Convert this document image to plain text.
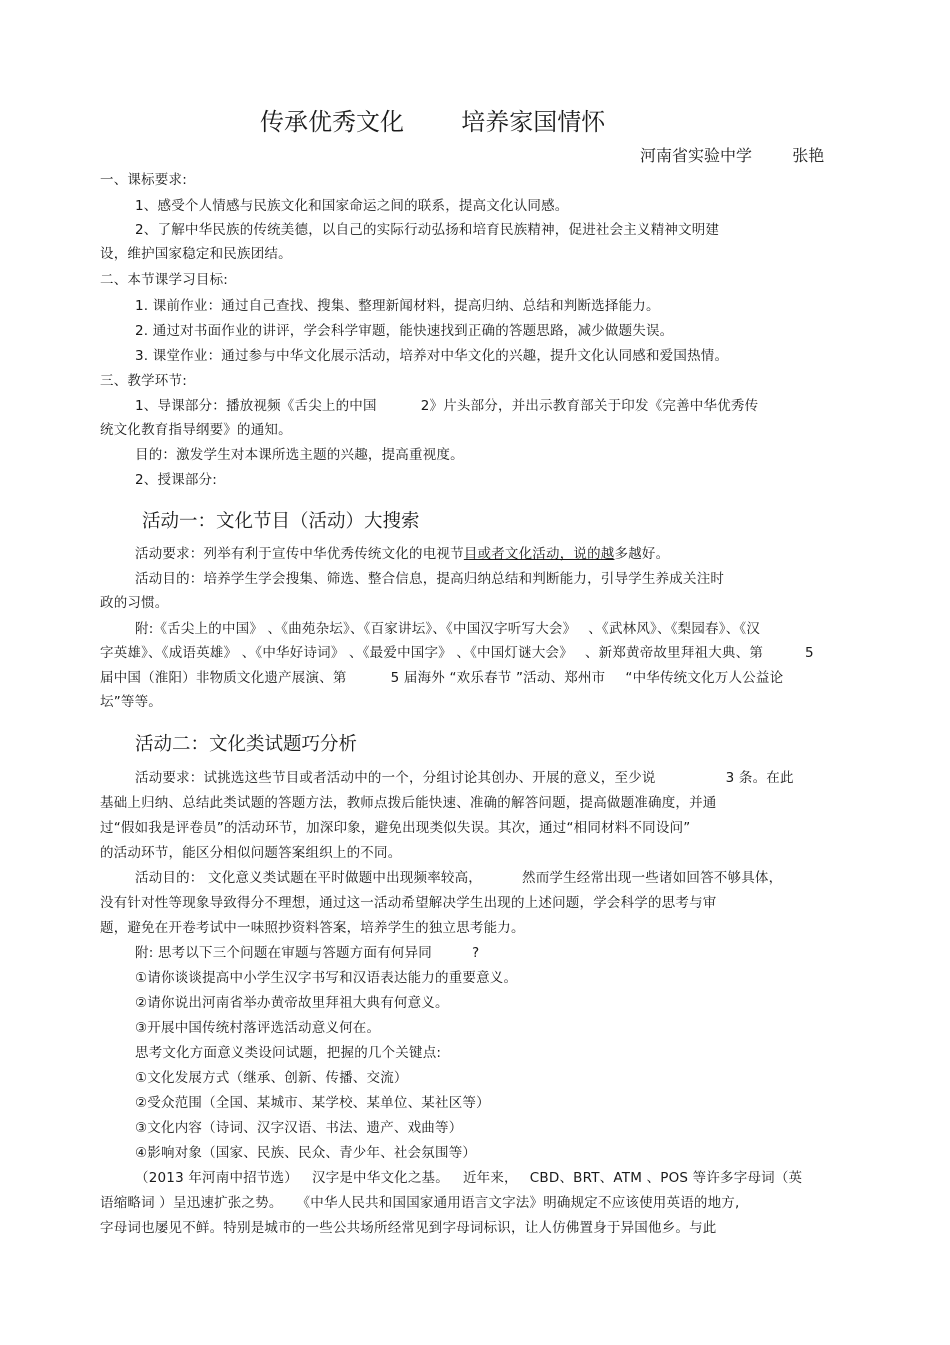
传承优秀文化 培养家国情怀
河南省实验中学	张艳
一、课标要求:
1、感受个人情感与民族文化和国家命运之间的联系，提高文化认同感。
2、了解中华民族的传统美德，以自己的实际行动弘扬和培育民族精神，促进社会主义精神文明建
设，维护国家稳定和民族团结。
二、本节课学习目标:
1. 课前作业：通过自己查找、搜集、整理新闻材料，提高归纳、总结和判断选择能力。
2. 通过对书面作业的讲评，学会科学审题，能快速找到正确的答题思路，减少做题失误。
3. 课堂作业：通过参与中华文化展示活动，培养对中华文化的兴趣，提升文化认同感和爱国热情。
三、教学环节:
1、导课部分：播放视频《舌尖上的中国	2》片头部分，并出示教育部关于印发《完善中华优秀传
统文化教育指导纲要》的通知。
目的：激发学生对本课所选主题的兴趣，提高重视度。
2、授课部分:
活动一：文化节目（活动）大搜索
活动要求：列举有利于宣传中华优秀传统文化的电视节目或者文化活动，说的越多越好。
活动目的：培养学生学会搜集、筛选、整合信息，提高归纳总结和判断能力，引导学生养成关注时
政的习惯。
附:《舌尖上的中国》 、《曲苑杂坛》、《百家讲坛》、《中国汉字听写大会》 、《武林风》、《梨园春》、《汉
字英雄》、《成语英雄》 、《中华好诗词》 、《最爱中国字》 、《中国灯谜大会》 、新郑黄帝故里拜祖大典、第	5
届中国（淮阳）非物质文化遗产展演、第	5 届海外 “欢乐春节 ”活动、郑州市 “中华传统文化万人公益论
坛”等等。
活动二：文化类试题巧分析
活动要求：试挑选这些节目或者活动中的一个，分组讨论其创办、开展的意义，至少说	3 条。在此
基础上归纳、总结此类试题的答题方法，教师点拨后能快速、准确的解答问题，提高做题准确度，并通
过“假如我是评卷员”的活动环节，加深印象，避免出现类似失误。其次，通过“相同材料不同设问”
的活动环节，能区分相似问题答案组织上的不同。
活动目的： 文化意义类试题在平时做题中出现频率较高，	然而学生经常出现一些诸如回答不够具体，
没有针对性等现象导致得分不理想，通过这一活动希望解决学生出现的上述问题，学会科学的思考与审
题，避免在开卷考试中一味照抄资料答案，培养学生的独立思考能力。
附: 思考以下三个问题在审题与答题方面有何异同	?
①请你谈谈提高中小学生汉字书写和汉语表达能力的重要意义。
②请你说出河南省举办黄帝故里拜祖大典有何意义。
③开展中国传统村落评选活动意义何在。
思考文化方面意义类设问试题，把握的几个关键点:
①文化发展方式（继承、创新、传播、交流）
②受众范围（全国、某城市、某学校、某单位、某社区等）
③文化内容（诗词、汉字汉语、书法、遗产、戏曲等）
④影响对象（国家、民族、民众、青少年、社会氛围等）
（2013 年河南中招节选） 汉字是中华文化之基。 近年来， CBD、BRT、ATM 、POS 等许多字母词（英
语缩略词 ）呈迅速扩张之势。 《中华人民共和国国家通用语言文字法》明确规定不应该使用英语的地方,
字母词也屡见不鲜。特别是城市的一些公共场所经常见到字母词标识，让人仿佛置身于异国他乡。与此
